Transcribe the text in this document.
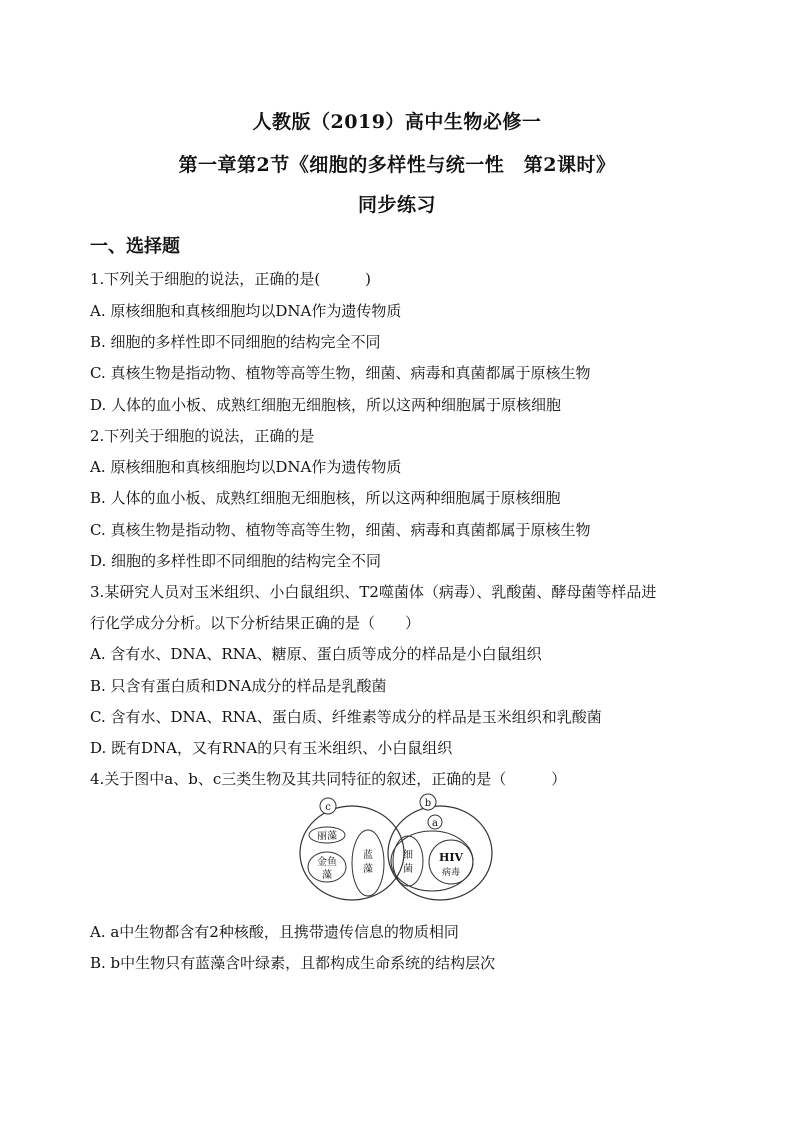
人教版（2019）高中生物必修一
第一章第2节《细胞的多样性与统一性　第2课时》
同步练习
一、选择题
1.下列关于细胞的说法，正确的是(　　　)
A. 原核细胞和真核细胞均以DNA作为遗传物质
B. 细胞的多样性即不同细胞的结构完全不同
C. 真核生物是指动物、植物等高等生物，细菌、病毒和真菌都属于原核生物
D. 人体的血小板、成熟红细胞无细胞核，所以这两种细胞属于原核细胞
2.下列关于细胞的说法，正确的是
A. 原核细胞和真核细胞均以DNA作为遗传物质
B. 人体的血小板、成熟红细胞无细胞核，所以这两种细胞属于原核细胞
C. 真核生物是指动物、植物等高等生物，细菌、病毒和真菌都属于原核生物
D. 细胞的多样性即不同细胞的结构完全不同
3.某研究人员对玉米组织、小白鼠组织、T2噬菌体（病毒）、乳酸菌、酵母菌等样品进
行化学成分分析。以下分析结果正确的是（　　）
A. 含有水、DNA、RNA、糖原、蛋白质等成分的样品是小白鼠组织
B. 只含有蛋白质和DNA成分的样品是乳酸菌
C. 含有水、DNA、RNA、蛋白质、纤维素等成分的样品是玉米组织和乳酸菌
D. 既有DNA，又有RNA的只有玉米组织、小白鼠组织
4.关于图中a、b、c三类生物及其共同特征的叙述，正确的是（　　　）
c	b
a
丽藻
金鱼
藻
蓝
藻
细
菌
HIV
病毒
A. a中生物都含有2种核酸，且携带遗传信息的物质相同
B. b中生物只有蓝藻含叶绿素，且都构成生命系统的结构层次
